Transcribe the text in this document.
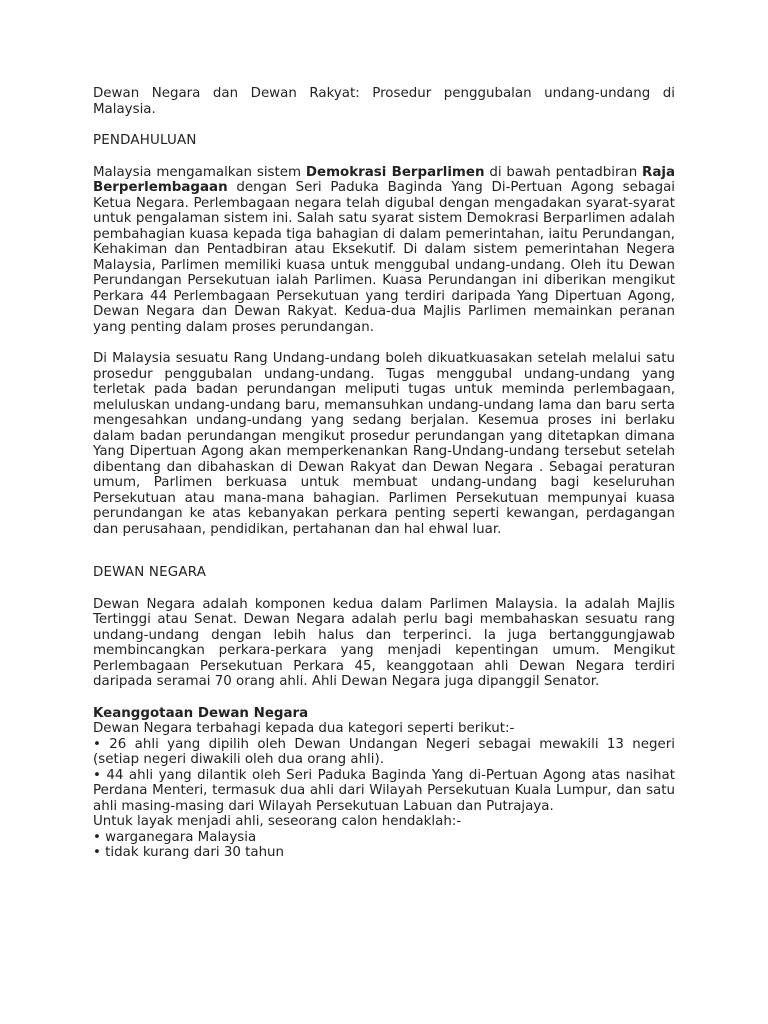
Dewan Negara dan Dewan Rakyat: Prosedur penggubalan undang-undang di Malaysia.

PENDAHULUAN

Malaysia mengamalkan sistem Demokrasi Berparlimen di bawah pentadbiran Raja Berperlembagaan dengan Seri Paduka Baginda Yang Di-Pertuan Agong sebagai Ketua Negara. Perlembagaan negara telah digubal dengan mengadakan syarat-syarat untuk pengalaman sistem ini. Salah satu syarat sistem Demokrasi Berparlimen adalah pembahagian kuasa kepada tiga bahagian di dalam pemerintahan, iaitu Perundangan, Kehakiman dan Pentadbiran atau Eksekutif. Di dalam sistem pemerintahan Negera Malaysia, Parlimen memiliki kuasa untuk menggubal undang-undang. Oleh itu Dewan Perundangan Persekutuan ialah Parlimen. Kuasa Perundangan ini diberikan mengikut Perkara 44 Perlembagaan Persekutuan yang terdiri daripada Yang Dipertuan Agong, Dewan Negara dan Dewan Rakyat. Kedua-dua Majlis Parlimen memainkan peranan yang penting dalam proses perundangan.

Di Malaysia sesuatu Rang Undang-undang boleh dikuatkuasakan setelah melalui satu prosedur penggubalan undang-undang. Tugas menggubal undang-undang yang terletak pada badan perundangan meliputi tugas untuk meminda perlembagaan, meluluskan undang-undang baru, memansuhkan undang-undang lama dan baru serta mengesahkan undang-undang yang sedang berjalan. Kesemua proses ini berlaku dalam badan perundangan mengikut prosedur perundangan yang ditetapkan dimana Yang Dipertuan Agong akan memperkenankan Rang-Undang-undang tersebut setelah dibentang dan dibahaskan di Dewan Rakyat dan Dewan Negara . Sebagai peraturan umum, Parlimen berkuasa untuk membuat undang-undang bagi keseluruhan Persekutuan atau mana-mana bahagian. Parlimen Persekutuan mempunyai kuasa perundangan ke atas kebanyakan perkara penting seperti kewangan, perdagangan dan perusahaan, pendidikan, pertahanan dan hal ehwal luar.

DEWAN NEGARA

Dewan Negara adalah komponen kedua dalam Parlimen Malaysia. Ia adalah Majlis Tertinggi atau Senat. Dewan Negara adalah perlu bagi membahaskan sesuatu rang undang-undang dengan lebih halus dan terperinci. Ia juga bertanggungjawab membincangkan perkara-perkara yang menjadi kepentingan umum. Mengikut Perlembagaan Persekutuan Perkara 45, keanggotaan ahli Dewan Negara terdiri daripada seramai 70 orang ahli. Ahli Dewan Negara juga dipanggil Senator.

Keanggotaan Dewan Negara

Dewan Negara terbahagi kepada dua kategori seperti berikut:-

• 26 ahli yang dipilih oleh Dewan Undangan Negeri sebagai mewakili 13 negeri (setiap negeri diwakili oleh dua orang ahli).

• 44 ahli yang dilantik oleh Seri Paduka Baginda Yang di-Pertuan Agong atas nasihat Perdana Menteri, termasuk dua ahli dari Wilayah Persekutuan Kuala Lumpur, dan satu ahli masing-masing dari Wilayah Persekutuan Labuan dan Putrajaya.

Untuk layak menjadi ahli, seseorang calon hendaklah:-

• warganegara Malaysia

• tidak kurang dari 30 tahun
